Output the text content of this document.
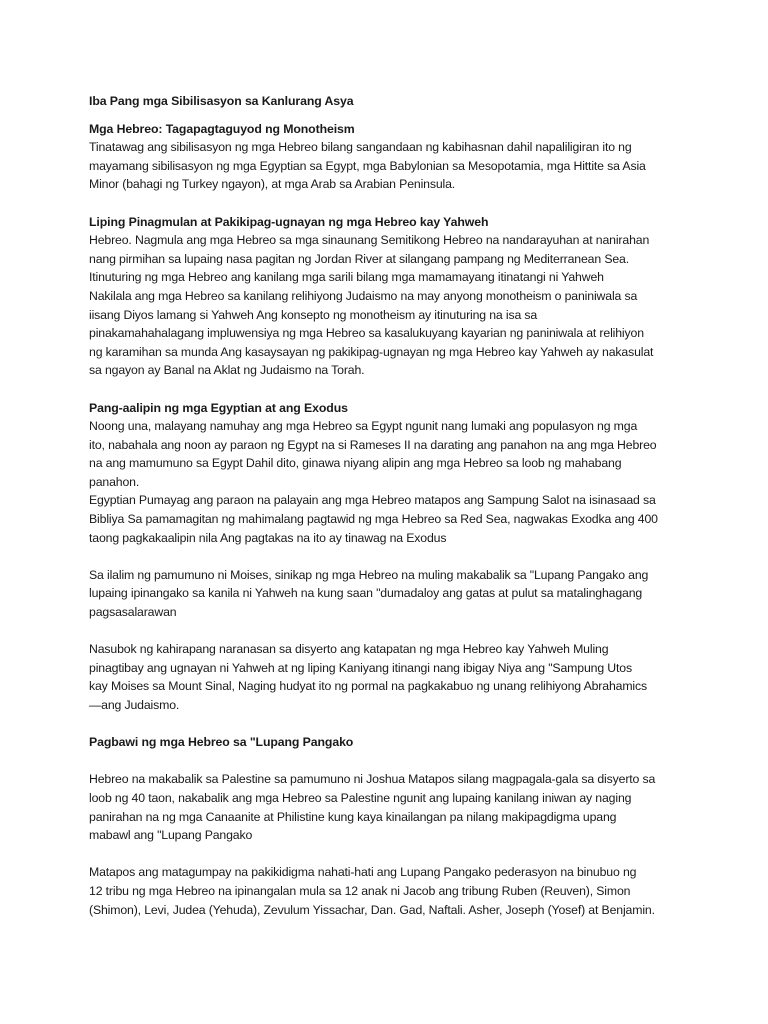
Iba Pang mga Sibilisasyon sa Kanlurang Asya

Mga Hebreo: Tagapagtaguyod ng Monotheism

Tinatawag ang sibilisasyon ng mga Hebreo bilang sangandaan ng kabihasnan dahil napaliligiran ito ng
mayamang sibilisasyon ng mga Egyptian sa Egypt, mga Babylonian sa Mesopotamia, mga Hittite sa Asia
Minor (bahagi ng Turkey ngayon), at mga Arab sa Arabian Peninsula.

Liping Pinagmulan at Pakikipag-ugnayan ng mga Hebreo kay Yahweh

Hebreo. Nagmula ang mga Hebreo sa mga sinaunang Semitikong Hebreo na nandarayuhan at nanirahan
nang pirmihan sa lupaing nasa pagitan ng Jordan River at silangang pampang ng Mediterranean Sea.
Itinuturing ng mga Hebreo ang kanilang mga sarili bilang mga mamamayang itinatangi ni Yahweh
Nakilala ang mga Hebreo sa kanilang relihiyong Judaismo na may anyong monotheism o paniniwala sa
iisang Diyos lamang si Yahweh Ang konsepto ng monotheism ay itinuturing na isa sa
pinakamahahalagang impluwensiya ng mga Hebreo sa kasalukuyang kayarian ng paniniwala at relihiyon
ng karamihan sa munda Ang kasaysayan ng pakikipag-ugnayan ng mga Hebreo kay Yahweh ay nakasulat
sa ngayon ay Banal na Aklat ng Judaismo na Torah.

Pang-aalipin ng mga Egyptian at ang Exodus

Noong una, malayang namuhay ang mga Hebreo sa Egypt ngunit nang lumaki ang populasyon ng mga
ito, nabahala ang noon ay paraon ng Egypt na si Rameses II na darating ang panahon na ang mga Hebreo
na ang mamumuno sa Egypt Dahil dito, ginawa niyang alipin ang mga Hebreo sa loob ng mahabang
panahon.
Egyptian Pumayag ang paraon na palayain ang mga Hebreo matapos ang Sampung Salot na isinasaad sa
Bibliya Sa pamamagitan ng mahimalang pagtawid ng mga Hebreo sa Red Sea, nagwakas Exodka ang 400
taong pagkakaalipin nila Ang pagtakas na ito ay tinawag na Exodus

Sa ilalim ng pamumuno ni Moises, sinikap ng mga Hebreo na muling makabalik sa "Lupang Pangako ang
lupaing ipinangako sa kanila ni Yahweh na kung saan "dumadaloy ang gatas at pulut sa matalinghagang
pagsasalarawan

Nasubok ng kahirapang naranasan sa disyerto ang katapatan ng mga Hebreo kay Yahweh Muling
pinagtibay ang ugnayan ni Yahweh at ng liping Kaniyang itinangi nang ibigay Niya ang "Sampung Utos
kay Moises sa Mount Sinal, Naging hudyat ito ng pormal na pagkakabuo ng unang relihiyong Abrahamics
—ang Judaismo.

Pagbawi ng mga Hebreo sa "Lupang Pangako

Hebreo na makabalik sa Palestine sa pamumuno ni Joshua Matapos silang magpagala-gala sa disyerto sa
loob ng 40 taon, nakabalik ang mga Hebreo sa Palestine ngunit ang lupaing kanilang iniwan ay naging
panirahan na ng mga Canaanite at Philistine kung kaya kinailangan pa nilang makipagdigma upang
mabawl ang "Lupang Pangako

Matapos ang matagumpay na pakikidigma nahati-hati ang Lupang Pangako pederasyon na binubuo ng
12 tribu ng mga Hebreo na ipinangalan mula sa 12 anak ni Jacob ang tribung Ruben (Reuven), Simon
(Shimon), Levi, Judea (Yehuda), Zevulum Yissachar, Dan. Gad, Naftali. Asher, Joseph (Yosef) at Benjamin.
